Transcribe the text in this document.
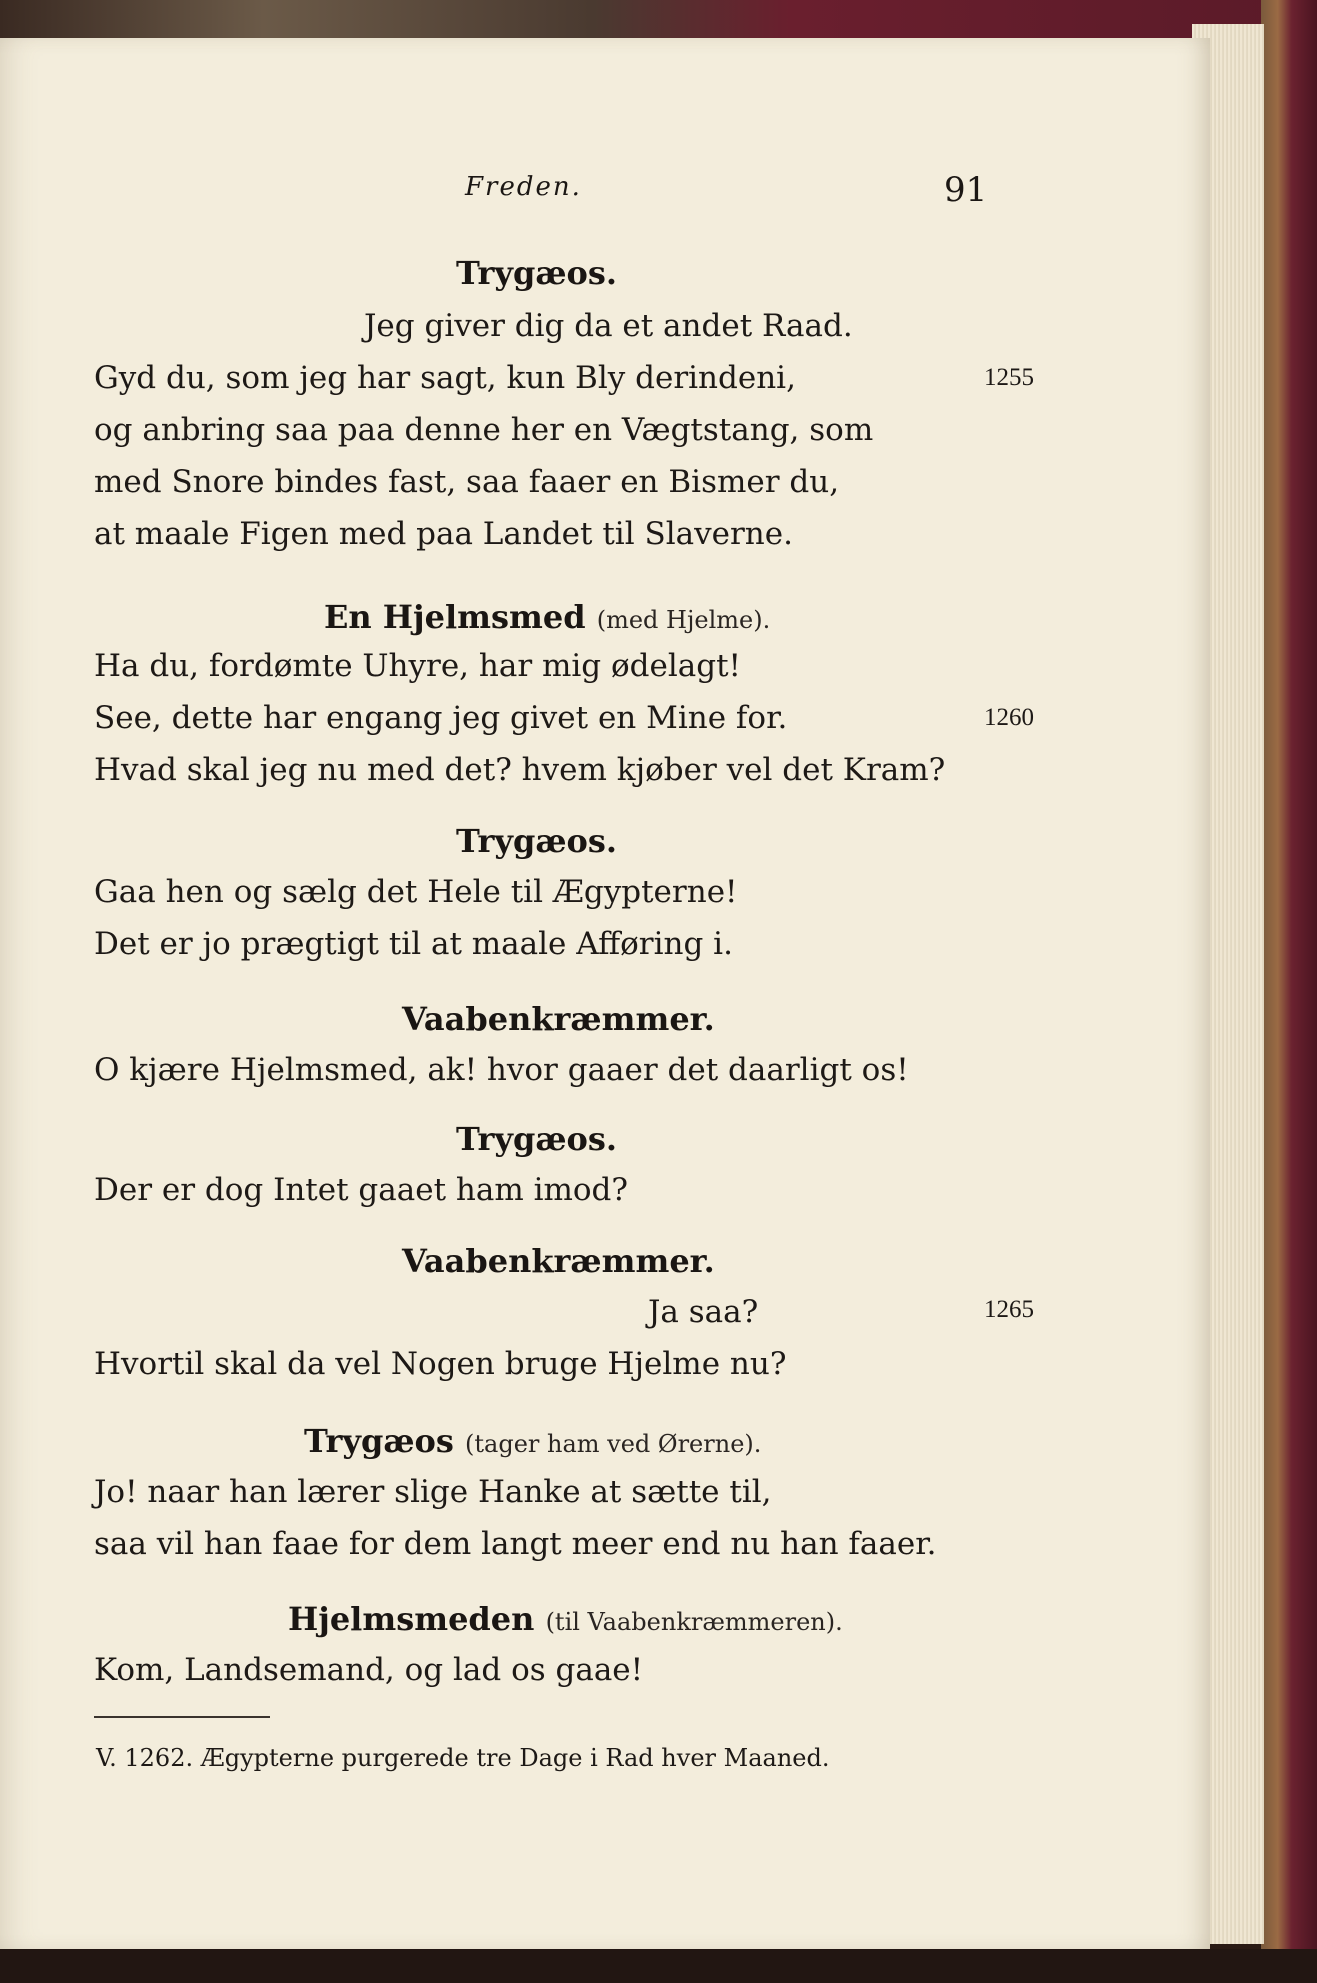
Freden.	91
Trygæos.
Jeg giver dig da et andet Raad.
Gyd du, som jeg har sagt, kun Bly derindeni,	1255
og anbring saa paa denne her en Vægtstang, som
med Snore bindes fast, saa faaer en Bismer du,
at maale Figen med paa Landet til Slaverne.
En Hjelmsmed (med Hjelme).
Ha du, fordømte Uhyre, har mig ødelagt!
See, dette har engang jeg givet en Mine for.	1260
Hvad skal jeg nu med det? hvem kjøber vel det Kram?
Trygæos.
Gaa hen og sælg det Hele til Ægypterne!
Det er jo prægtigt til at maale Afføring i.
Vaabenkræmmer.
O kjære Hjelmsmed, ak! hvor gaaer det daarligt os!
Trygæos.
Der er dog Intet gaaet ham imod?
Vaabenkræmmer.
Ja saa?	1265
Hvortil skal da vel Nogen bruge Hjelme nu?
Trygæos (tager ham ved Ørerne).
Jo! naar han lærer slige Hanke at sætte til,
saa vil han faae for dem langt meer end nu han faaer.
Hjelmsmeden (til Vaabenkræmmeren).
Kom, Landsemand, og lad os gaae!
V. 1262. Ægypterne purgerede tre Dage i Rad hver Maaned.
